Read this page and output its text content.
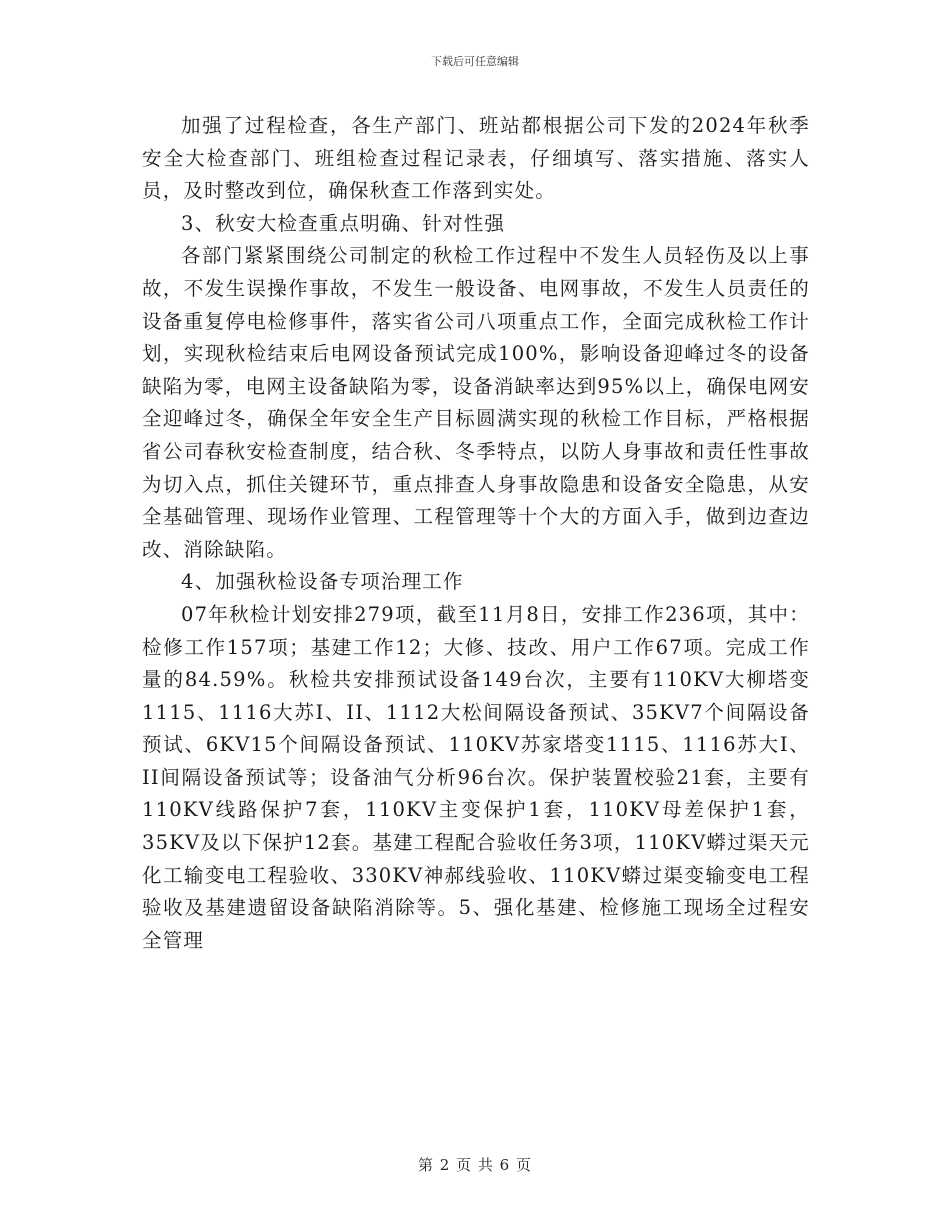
下载后可任意编辑

加强了过程检查，各生产部门、班站都根据公司下发的2024年秋季安全大检查部门、班组检查过程记录表，仔细填写、落实措施、落实人员，及时整改到位，确保秋查工作落到实处。

3、秋安大检查重点明确、针对性强

各部门紧紧围绕公司制定的秋检工作过程中不发生人员轻伤及以上事故，不发生误操作事故，不发生一般设备、电网事故，不发生人员责任的设备重复停电检修事件，落实省公司八项重点工作，全面完成秋检工作计划，实现秋检结束后电网设备预试完成100%，影响设备迎峰过冬的设备缺陷为零，电网主设备缺陷为零，设备消缺率达到95%以上，确保电网安全迎峰过冬，确保全年安全生产目标圆满实现的秋检工作目标，严格根据省公司春秋安检查制度，结合秋、冬季特点，以防人身事故和责任性事故为切入点，抓住关键环节，重点排查人身事故隐患和设备安全隐患，从安全基础管理、现场作业管理、工程管理等十个大的方面入手，做到边查边改、消除缺陷。

4、加强秋检设备专项治理工作

07年秋检计划安排279项，截至11月8日，安排工作236项，其中：检修工作157项；基建工作12；大修、技改、用户工作67项。完成工作量的84.59%。秋检共安排预试设备149台次，主要有110KV大柳塔变1115、1116大苏I、II、1112大松间隔设备预试、35KV7个间隔设备预试、6KV15个间隔设备预试、110KV苏家塔变1115、1116苏大I、II间隔设备预试等；设备油气分析96台次。保护装置校验21套，主要有110KV线路保护7套，110KV主变保护1套，110KV母差保护1套，35KV及以下保护12套。基建工程配合验收任务3项，110KV蟒过渠天元化工输变电工程验收、330KV神郝线验收、110KV蟒过渠变输变电工程验收及基建遗留设备缺陷消除等。5、强化基建、检修施工现场全过程安全管理

第 2 页 共 6 页
